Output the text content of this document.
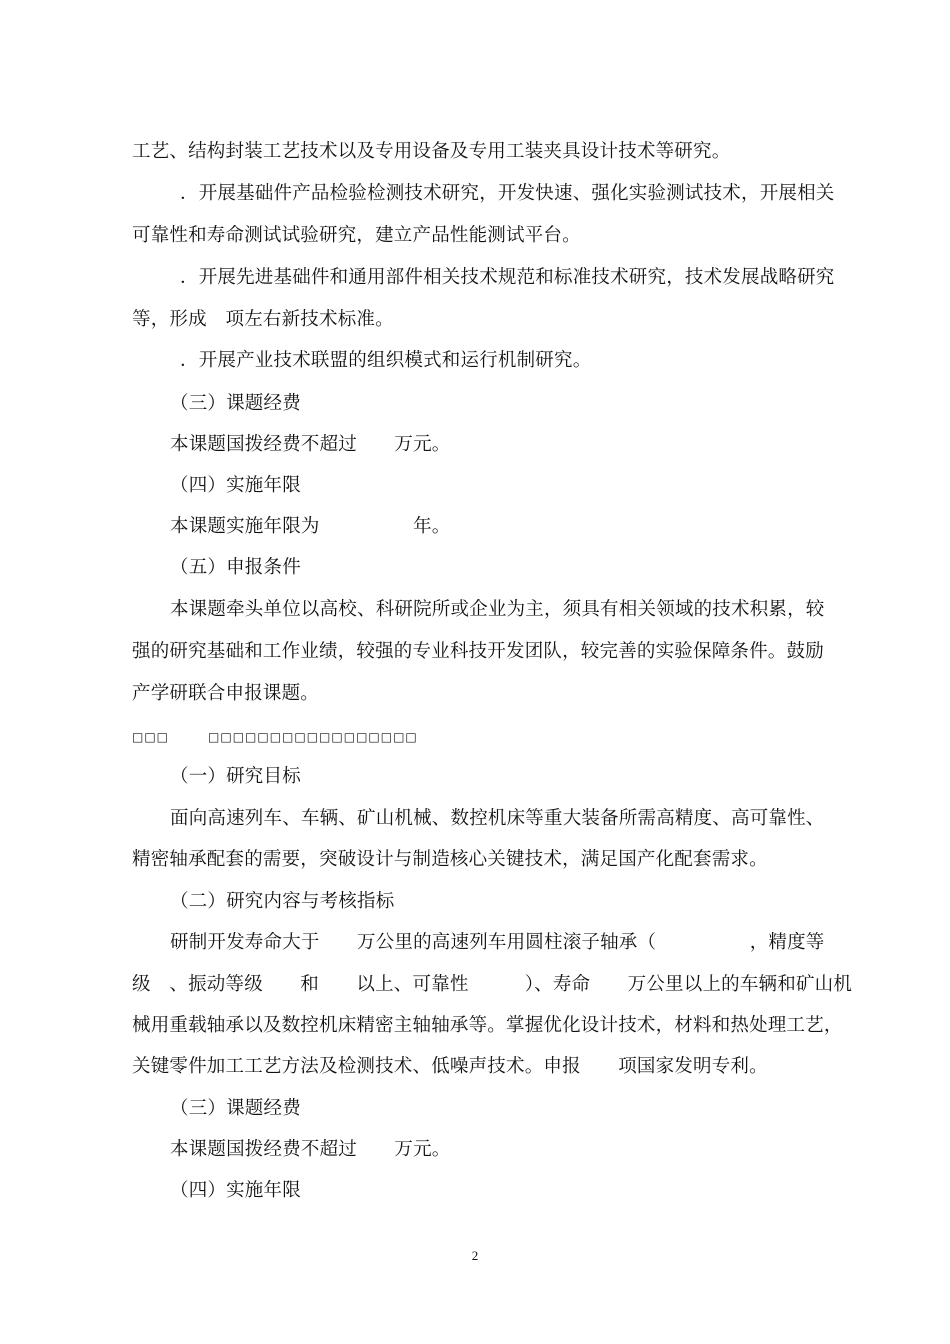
工艺、结构封装工艺技术以及专用设备及专用工装夹具设计技术等研究。
．开展基础件产品检验检测技术研究，开发快速、强化实验测试技术，开展相关
可靠性和寿命测试试验研究，建立产品性能测试平台。
．开展先进基础件和通用部件相关技术规范和标准技术研究，技术发展战略研究
等，形成　项左右新技术标准。
．开展产业技术联盟的组织模式和运行机制研究。
（三）课题经费
本课题国拨经费不超过　　万元。
（四）实施年限
本课题实施年限为　　　　　年。
（五）申报条件
本课题牵头单位以高校、科研院所或企业为主，须具有相关领域的技术积累，较
强的研究基础和工作业绩，较强的专业科技开发团队，较完善的实验保障条件。鼓励
产学研联合申报课题。
□□□　　　□□□□□□□□□□□□□□□□□
（一）研究目标
面向高速列车、车辆、矿山机械、数控机床等重大装备所需高精度、高可靠性、
精密轴承配套的需要，突破设计与制造核心关键技术，满足国产化配套需求。
（二）研究内容与考核指标
研制开发寿命大于　　万公里的高速列车用圆柱滚子轴承（　　　　　，精度等
级　、振动等级　　和　　以上、可靠性　　　）、寿命　　万公里以上的车辆和矿山机
械用重载轴承以及数控机床精密主轴轴承等。掌握优化设计技术，材料和热处理工艺，
关键零件加工工艺方法及检测技术、低噪声技术。申报　　项国家发明专利。
（三）课题经费
本课题国拨经费不超过　　万元。
（四）实施年限
2
